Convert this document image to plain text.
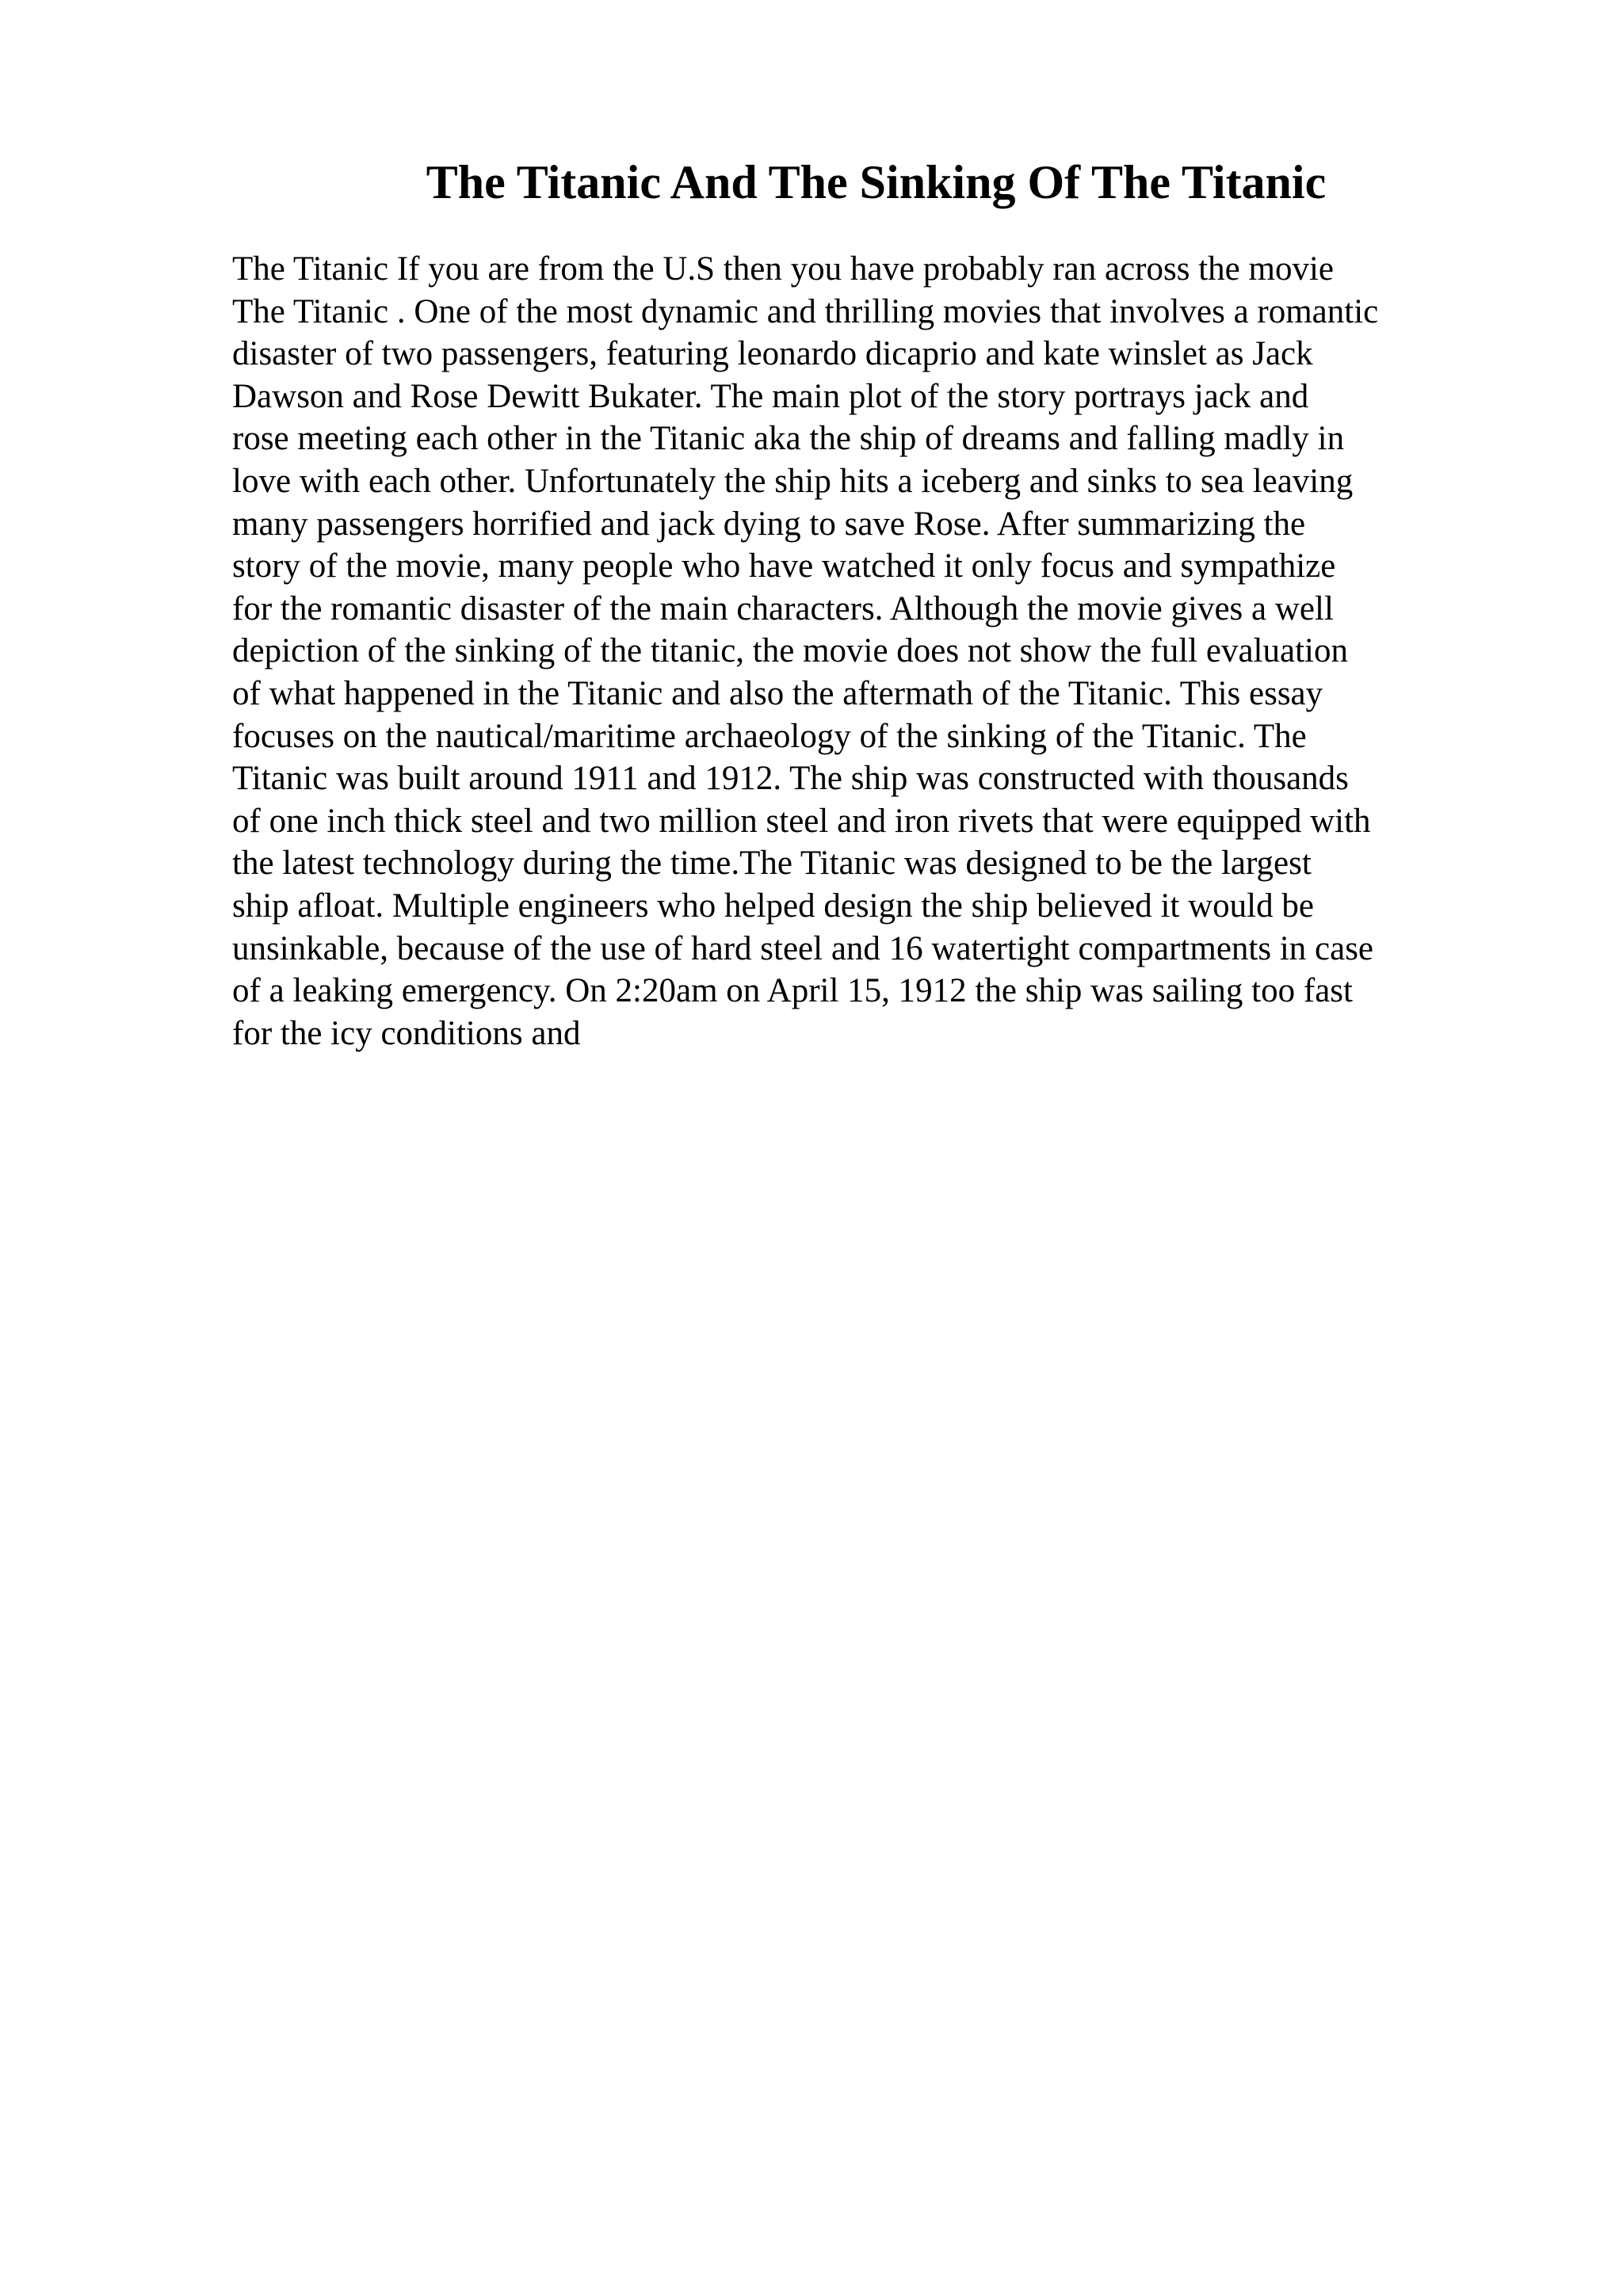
The Titanic And The Sinking Of The Titanic
The Titanic If you are from the U.S then you have probably ran across the movie
The Titanic . One of the most dynamic and thrilling movies that involves a romantic
disaster of two passengers, featuring leonardo dicaprio and kate winslet as Jack
Dawson and Rose Dewitt Bukater. The main plot of the story portrays jack and
rose meeting each other in the Titanic aka the ship of dreams and falling madly in
love with each other. Unfortunately the ship hits a iceberg and sinks to sea leaving
many passengers horrified and jack dying to save Rose. After summarizing the
story of the movie, many people who have watched it only focus and sympathize
for the romantic disaster of the main characters. Although the movie gives a well
depiction of the sinking of the titanic, the movie does not show the full evaluation
of what happened in the Titanic and also the aftermath of the Titanic. This essay
focuses on the nautical/maritime archaeology of the sinking of the Titanic. The
Titanic was built around 1911 and 1912. The ship was constructed with thousands
of one inch thick steel and two million steel and iron rivets that were equipped with
the latest technology during the time.The Titanic was designed to be the largest
ship afloat. Multiple engineers who helped design the ship believed it would be
unsinkable, because of the use of hard steel and 16 watertight compartments in case
of a leaking emergency. On 2:20am on April 15, 1912 the ship was sailing too fast
for the icy conditions and
